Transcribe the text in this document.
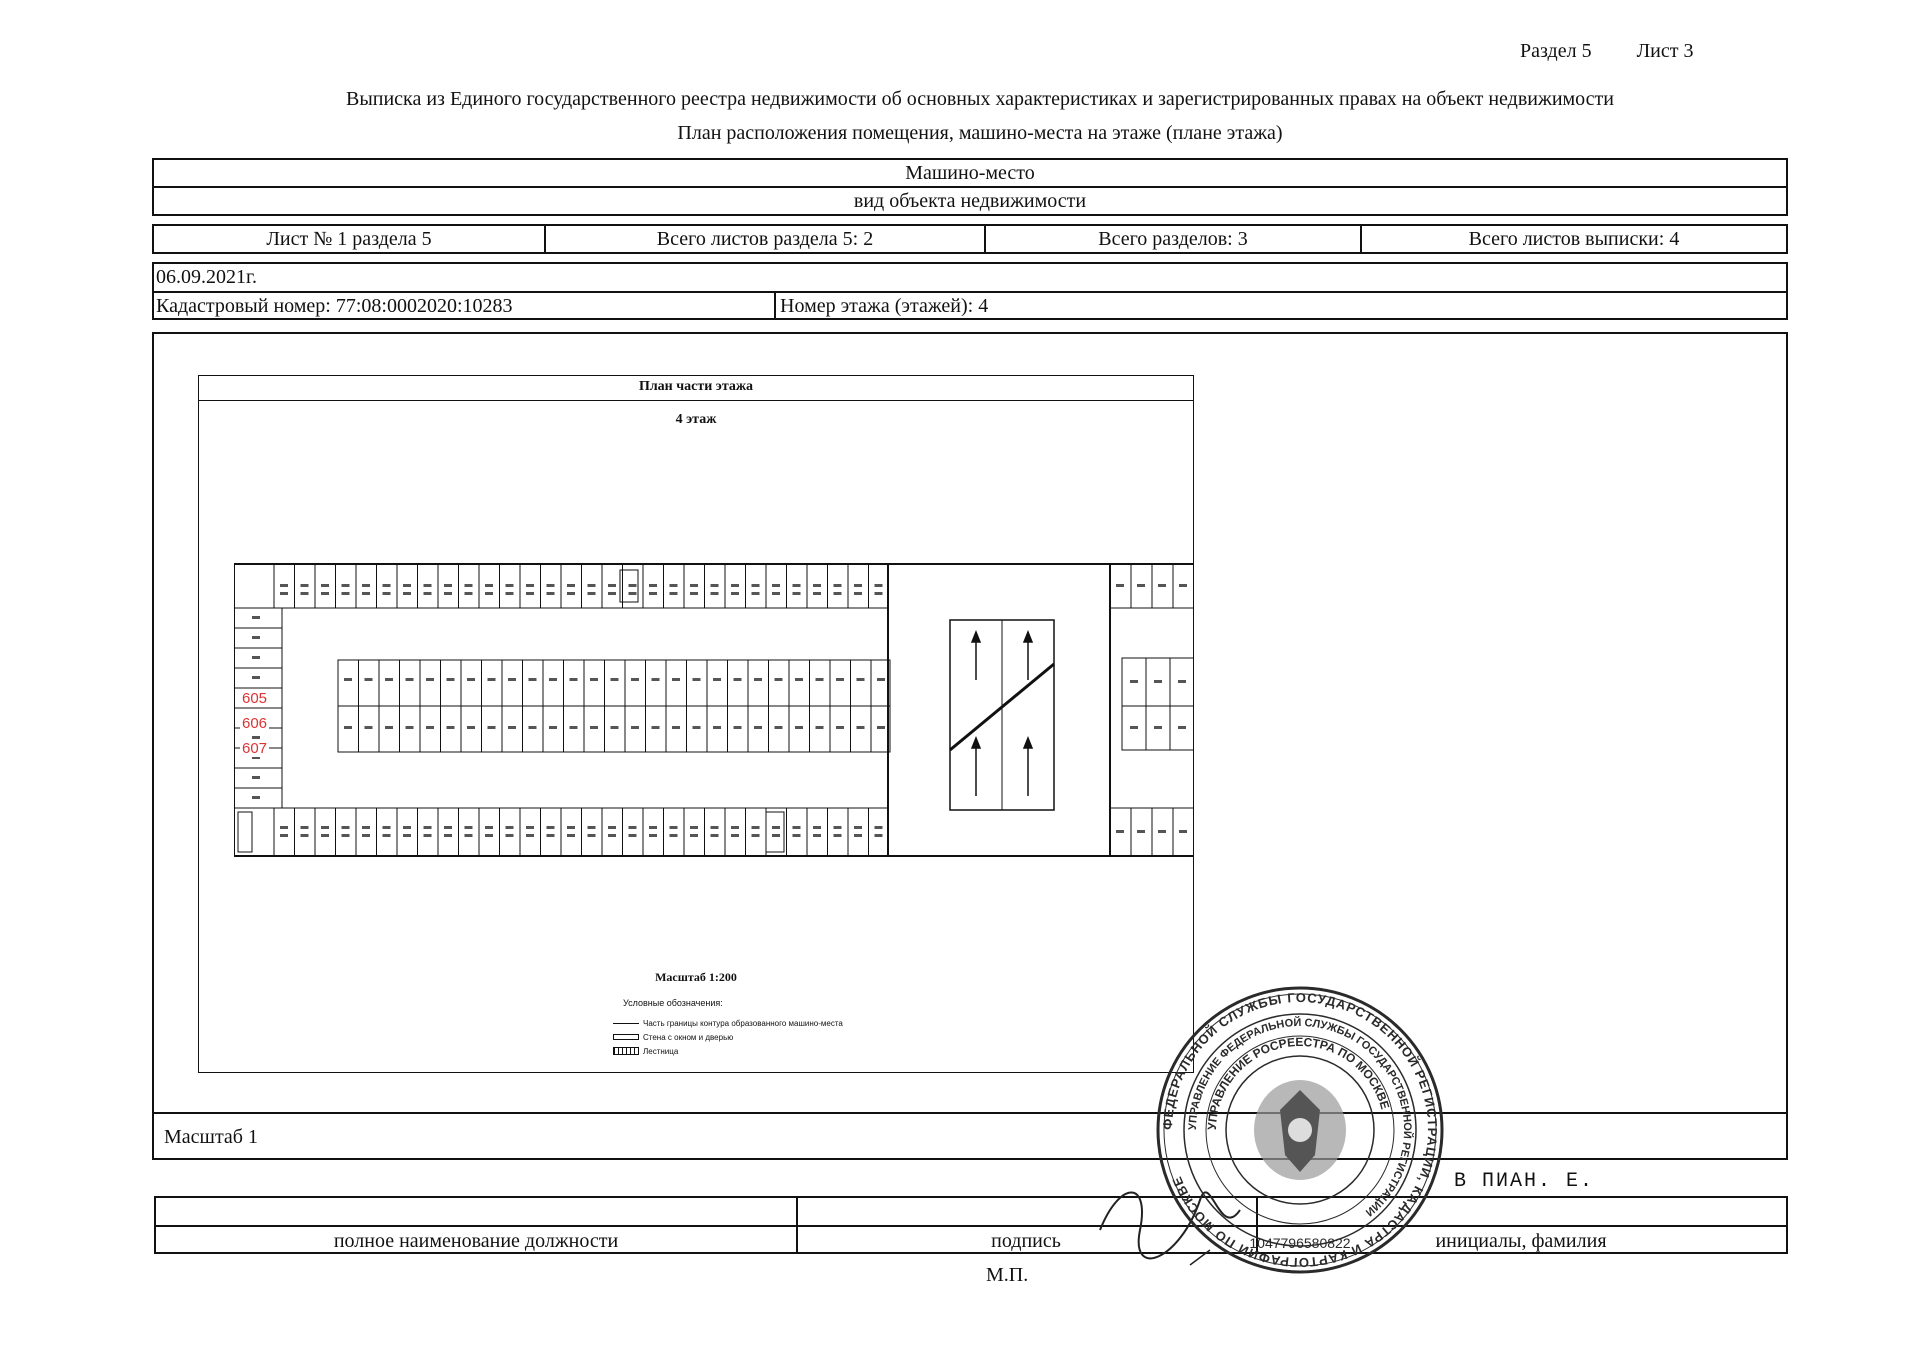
Раздел 5 Лист 3
Выписка из Единого государственного реестра недвижимости об основных характеристиках и зарегистрированных правах на объект недвижимости
План расположения помещения, машино-места на этаже (плане этажа)
Машино-место
вид объекта недвижимости
Лист № 1 раздела 5	Всего листов раздела 5: 2	Всего разделов: 3	Всего листов выписки: 4
06.09.2021г.
Кадастровый номер: 77:08:0002020:10283	Номер этажа (этажей): 4
Масштаб 1
План части этажа
4 этаж
Масштаб 1:200
Условные обозначения:
Часть границы контура образованного машино-места
Стена с окном и дверью
Лестница
605
606
607
полное наименование должности	подпись	инициалы, фамилия
В ПИАН. Е.
М.П.
ФЕДЕРАЛЬНОЙ СЛУЖБЫ ГОСУДАРСТВЕННОЙ РЕГИСТРАЦИИ, КАДАСТРА И КАРТОГРАФИИ ПО МОСКВЕ
УПРАВЛЕНИЕ ФЕДЕРАЛЬНОЙ СЛУЖБЫ ГОСУДАРСТВЕННОЙ РЕГИСТРАЦИИ
УПРАВЛЕНИЕ РОСРЕЕСТРА ПО МОСКВЕ
1047796580822
